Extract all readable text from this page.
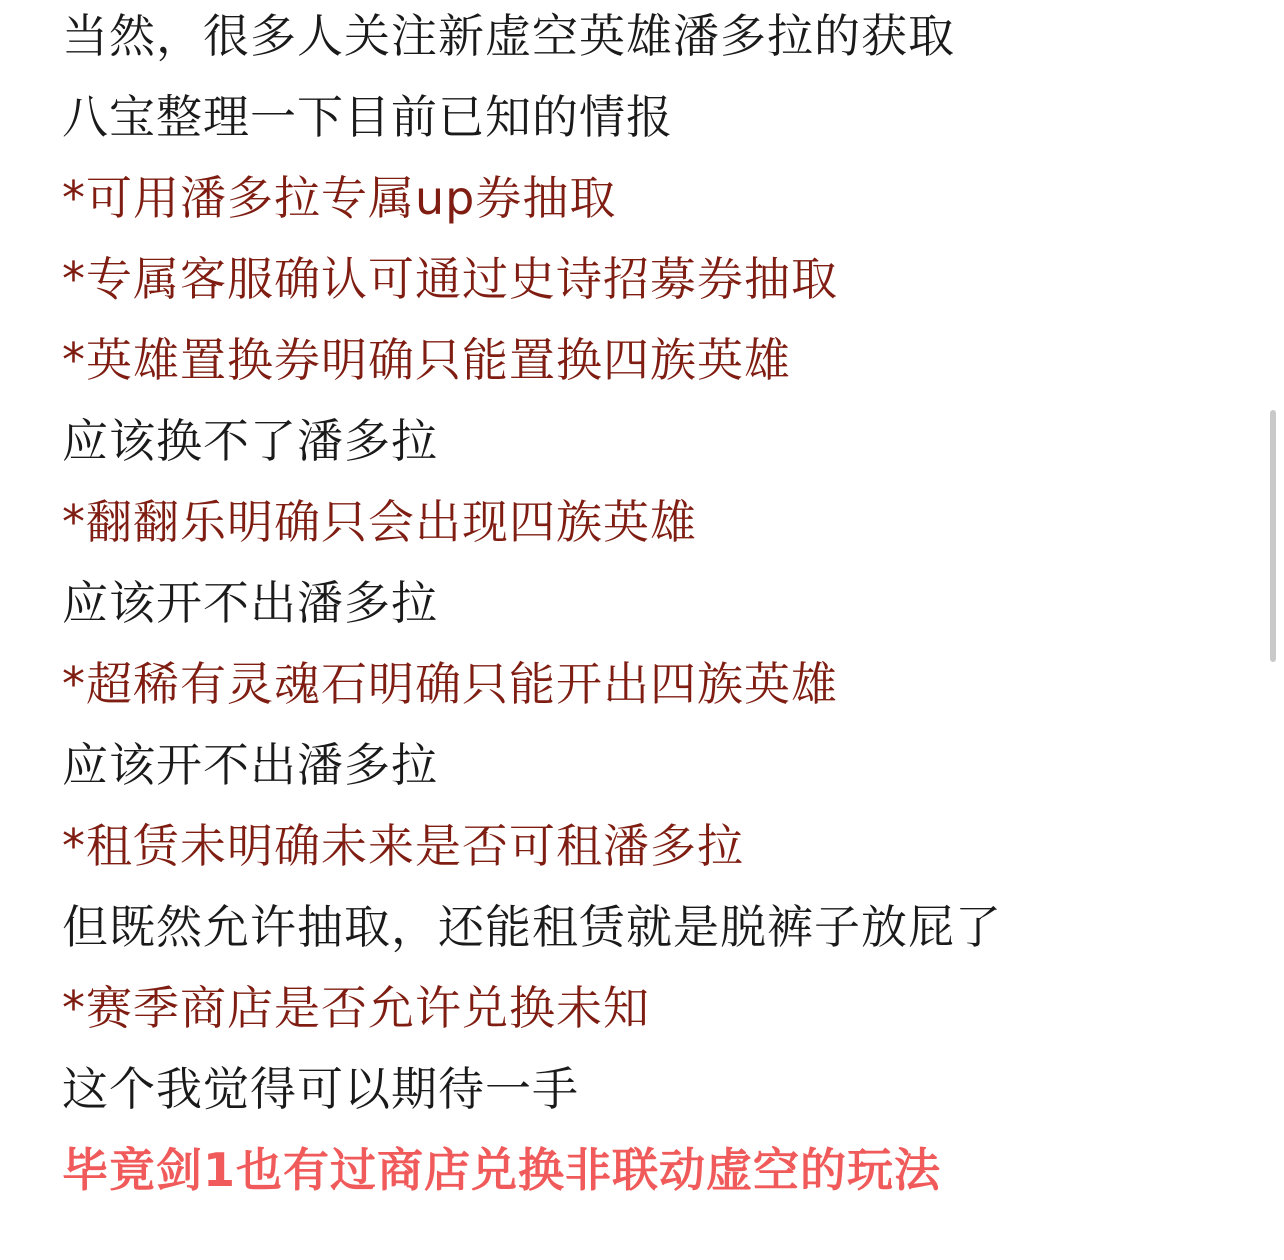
当然，很多人关注新虚空英雄潘多拉的获取
八宝整理一下目前已知的情报
*可用潘多拉专属up券抽取
*专属客服确认可通过史诗招募券抽取
*英雄置换券明确只能置换四族英雄
应该换不了潘多拉
*翻翻乐明确只会出现四族英雄
应该开不出潘多拉
*超稀有灵魂石明确只能开出四族英雄
应该开不出潘多拉
*租赁未明确未来是否可租潘多拉
但既然允许抽取，还能租赁就是脱裤子放屁了
*赛季商店是否允许兑换未知
这个我觉得可以期待一手
毕竟剑1也有过商店兑换非联动虚空的玩法
